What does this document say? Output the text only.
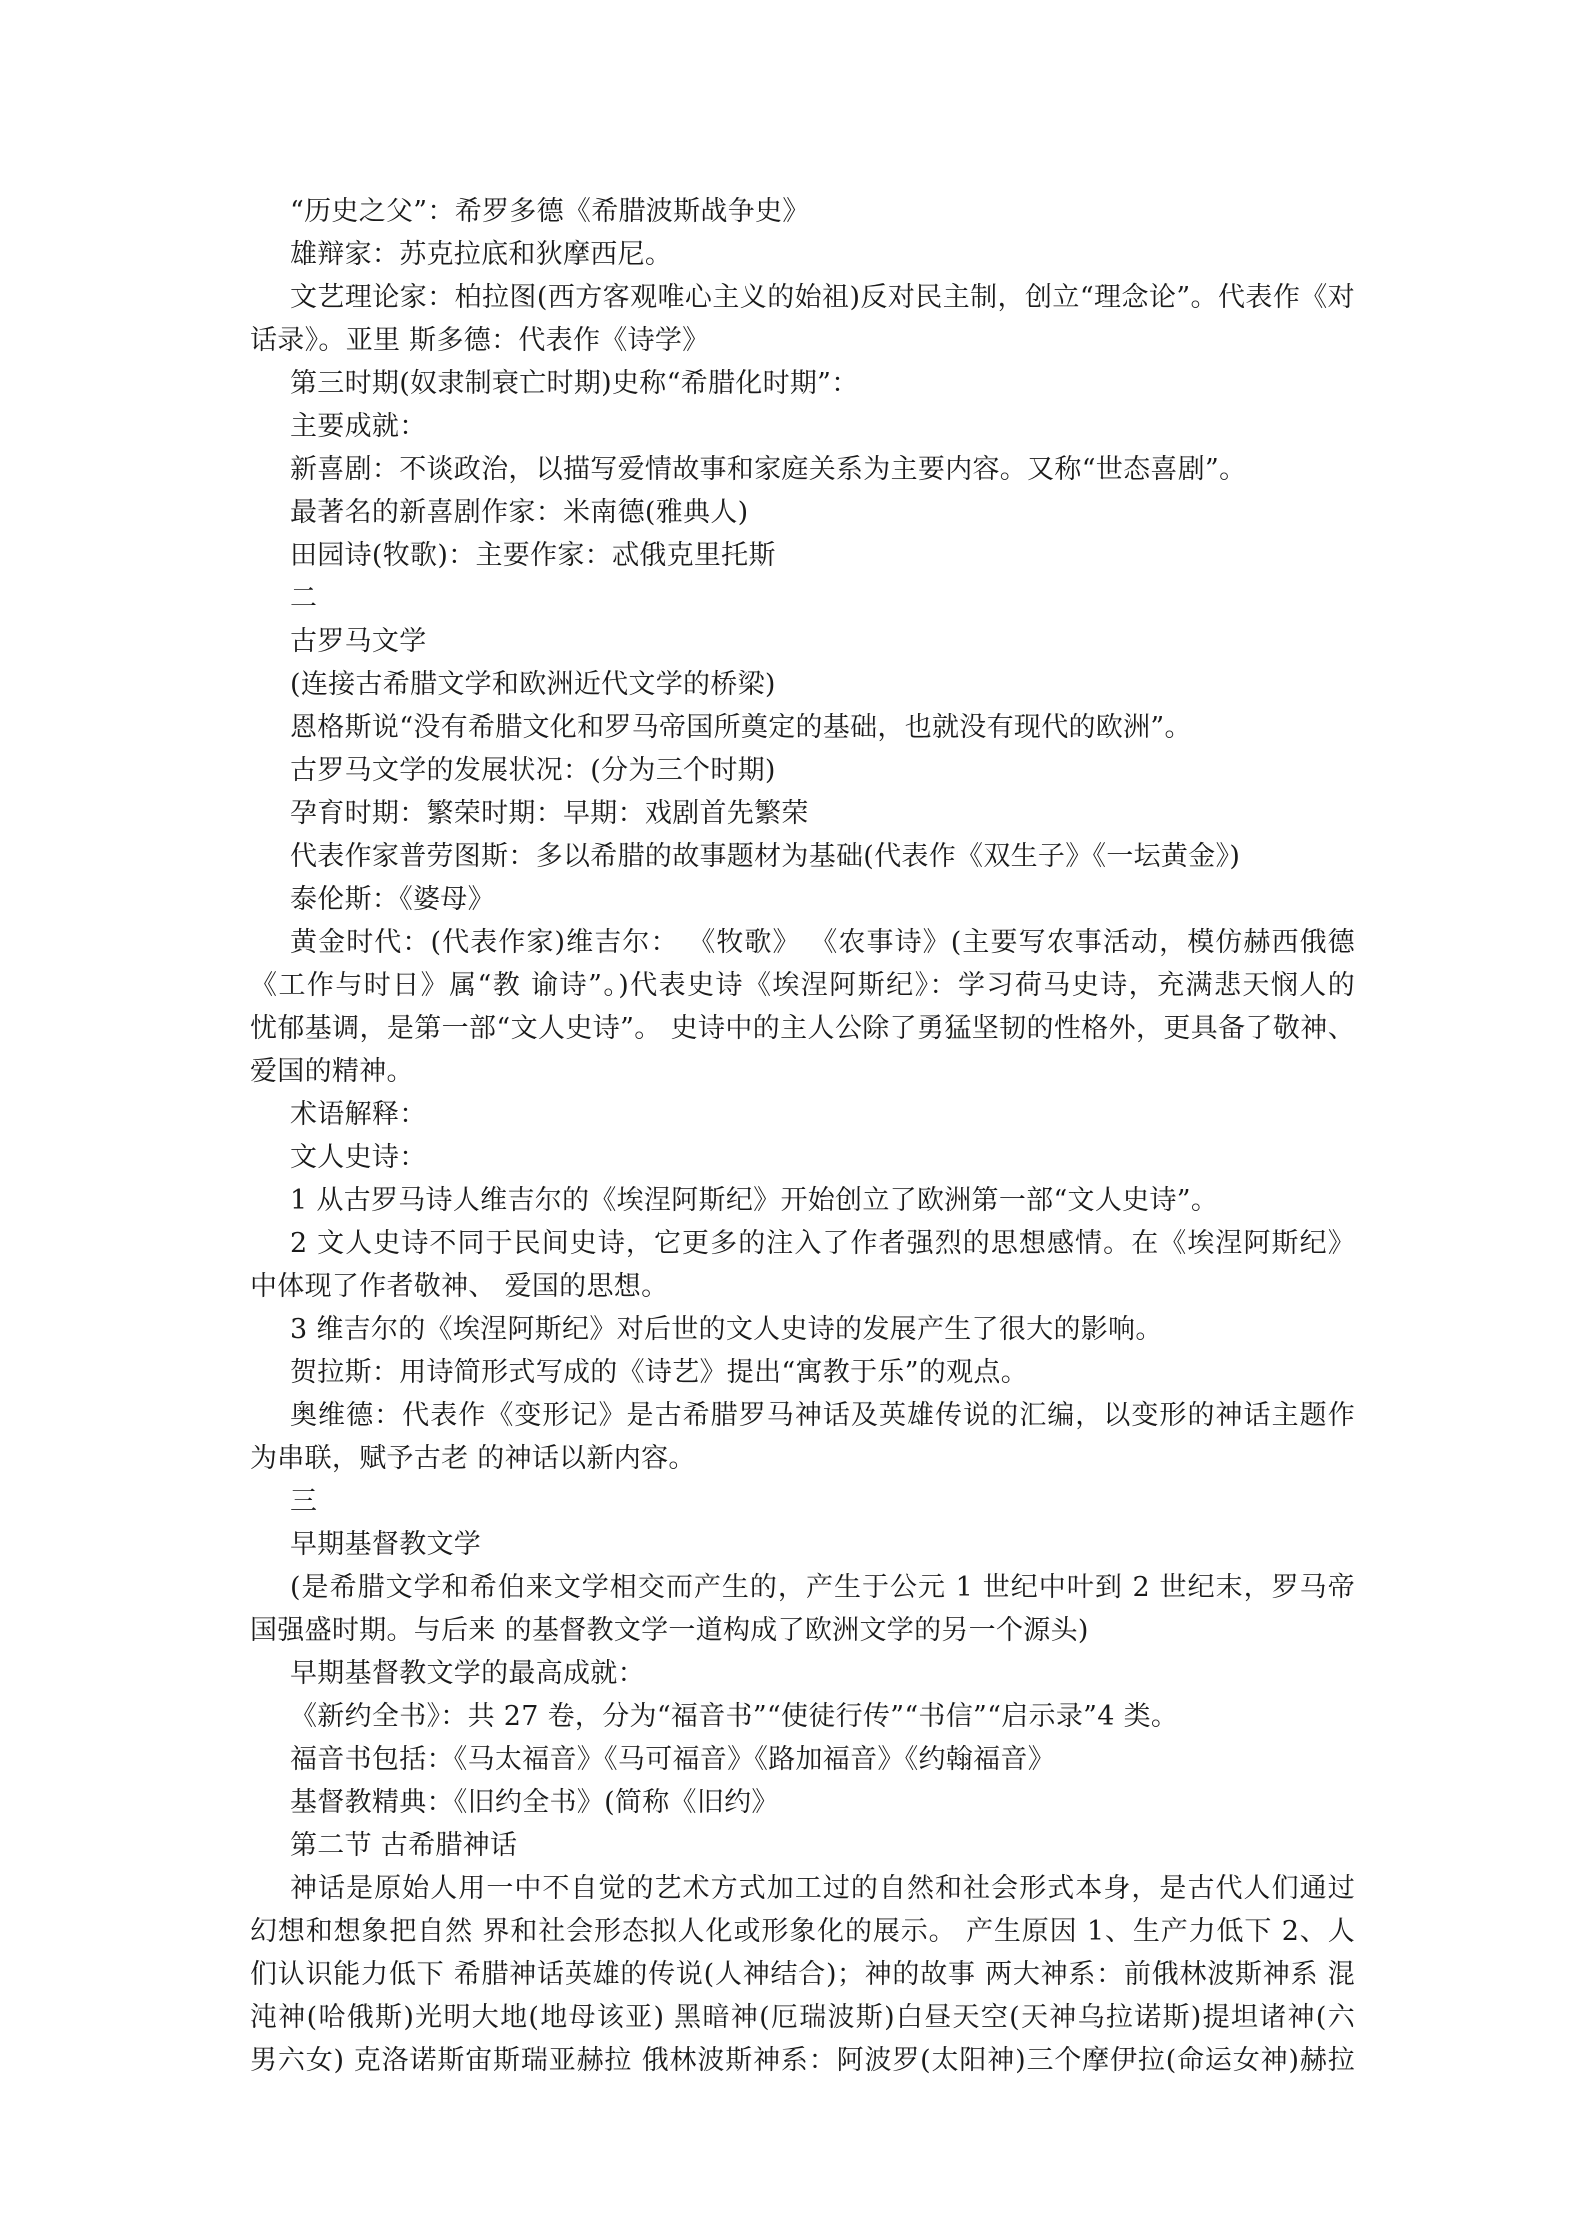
“历史之父”：希罗多德《希腊波斯战争史》
雄辩家：苏克拉底和狄摩西尼。
文艺理论家：柏拉图(西方客观唯心主义的始祖)反对民主制，创立“理念论”。代表作《对
话录》。亚里 斯多德：代表作《诗学》
第三时期(奴隶制衰亡时期)史称“希腊化时期”：
主要成就：
新喜剧：不谈政治，以描写爱情故事和家庭关系为主要内容。又称“世态喜剧”。
最著名的新喜剧作家：米南德(雅典人)
田园诗(牧歌)：主要作家：忒俄克里托斯
二
古罗马文学
(连接古希腊文学和欧洲近代文学的桥梁)
恩格斯说“没有希腊文化和罗马帝国所奠定的基础，也就没有现代的欧洲”。
古罗马文学的发展状况：(分为三个时期)
孕育时期：繁荣时期：早期：戏剧首先繁荣
代表作家普劳图斯：多以希腊的故事题材为基础(代表作《双生子》《一坛黄金》)
泰伦斯：《婆母》
黄金时代：(代表作家)维吉尔： 《牧歌》 《农事诗》(主要写农事活动，模仿赫西俄德
《工作与时日》属“教 谕诗”。)代表史诗《埃涅阿斯纪》：学习荷马史诗，充满悲天悯人的
忧郁基调，是第一部“文人史诗”。 史诗中的主人公除了勇猛坚韧的性格外，更具备了敬神、
爱国的精神。
术语解释：
文人史诗：
1 从古罗马诗人维吉尔的《埃涅阿斯纪》开始创立了欧洲第一部“文人史诗”。
2 文人史诗不同于民间史诗，它更多的注入了作者强烈的思想感情。在《埃涅阿斯纪》
中体现了作者敬神、 爱国的思想。
3 维吉尔的《埃涅阿斯纪》对后世的文人史诗的发展产生了很大的影响。
贺拉斯：用诗简形式写成的《诗艺》提出“寓教于乐”的观点。
奥维德：代表作《变形记》是古希腊罗马神话及英雄传说的汇编，以变形的神话主题作
为串联，赋予古老 的神话以新内容。
三
早期基督教文学
(是希腊文学和希伯来文学相交而产生的，产生于公元 1 世纪中叶到 2 世纪末，罗马帝
国强盛时期。与后来 的基督教文学一道构成了欧洲文学的另一个源头)
早期基督教文学的最高成就：
《新约全书》：共 27 卷，分为“福音书”“使徒行传”“书信”“启示录”4 类。
福音书包括：《马太福音》《马可福音》《路加福音》《约翰福音》
基督教精典：《旧约全书》(简称《旧约》
第二节 古希腊神话
神话是原始人用一中不自觉的艺术方式加工过的自然和社会形式本身，是古代人们通过
幻想和想象把自然 界和社会形态拟人化或形象化的展示。 产生原因 1、生产力低下 2、人
们认识能力低下 希腊神话英雄的传说(人神结合)；神的故事 两大神系：前俄林波斯神系 混
沌神(哈俄斯)光明大地(地母该亚) 黑暗神(厄瑞波斯)白昼天空(天神乌拉诺斯)提坦诸神(六
男六女) 克洛诺斯宙斯瑞亚赫拉 俄林波斯神系：阿波罗(太阳神)三个摩伊拉(命运女神)赫拉
